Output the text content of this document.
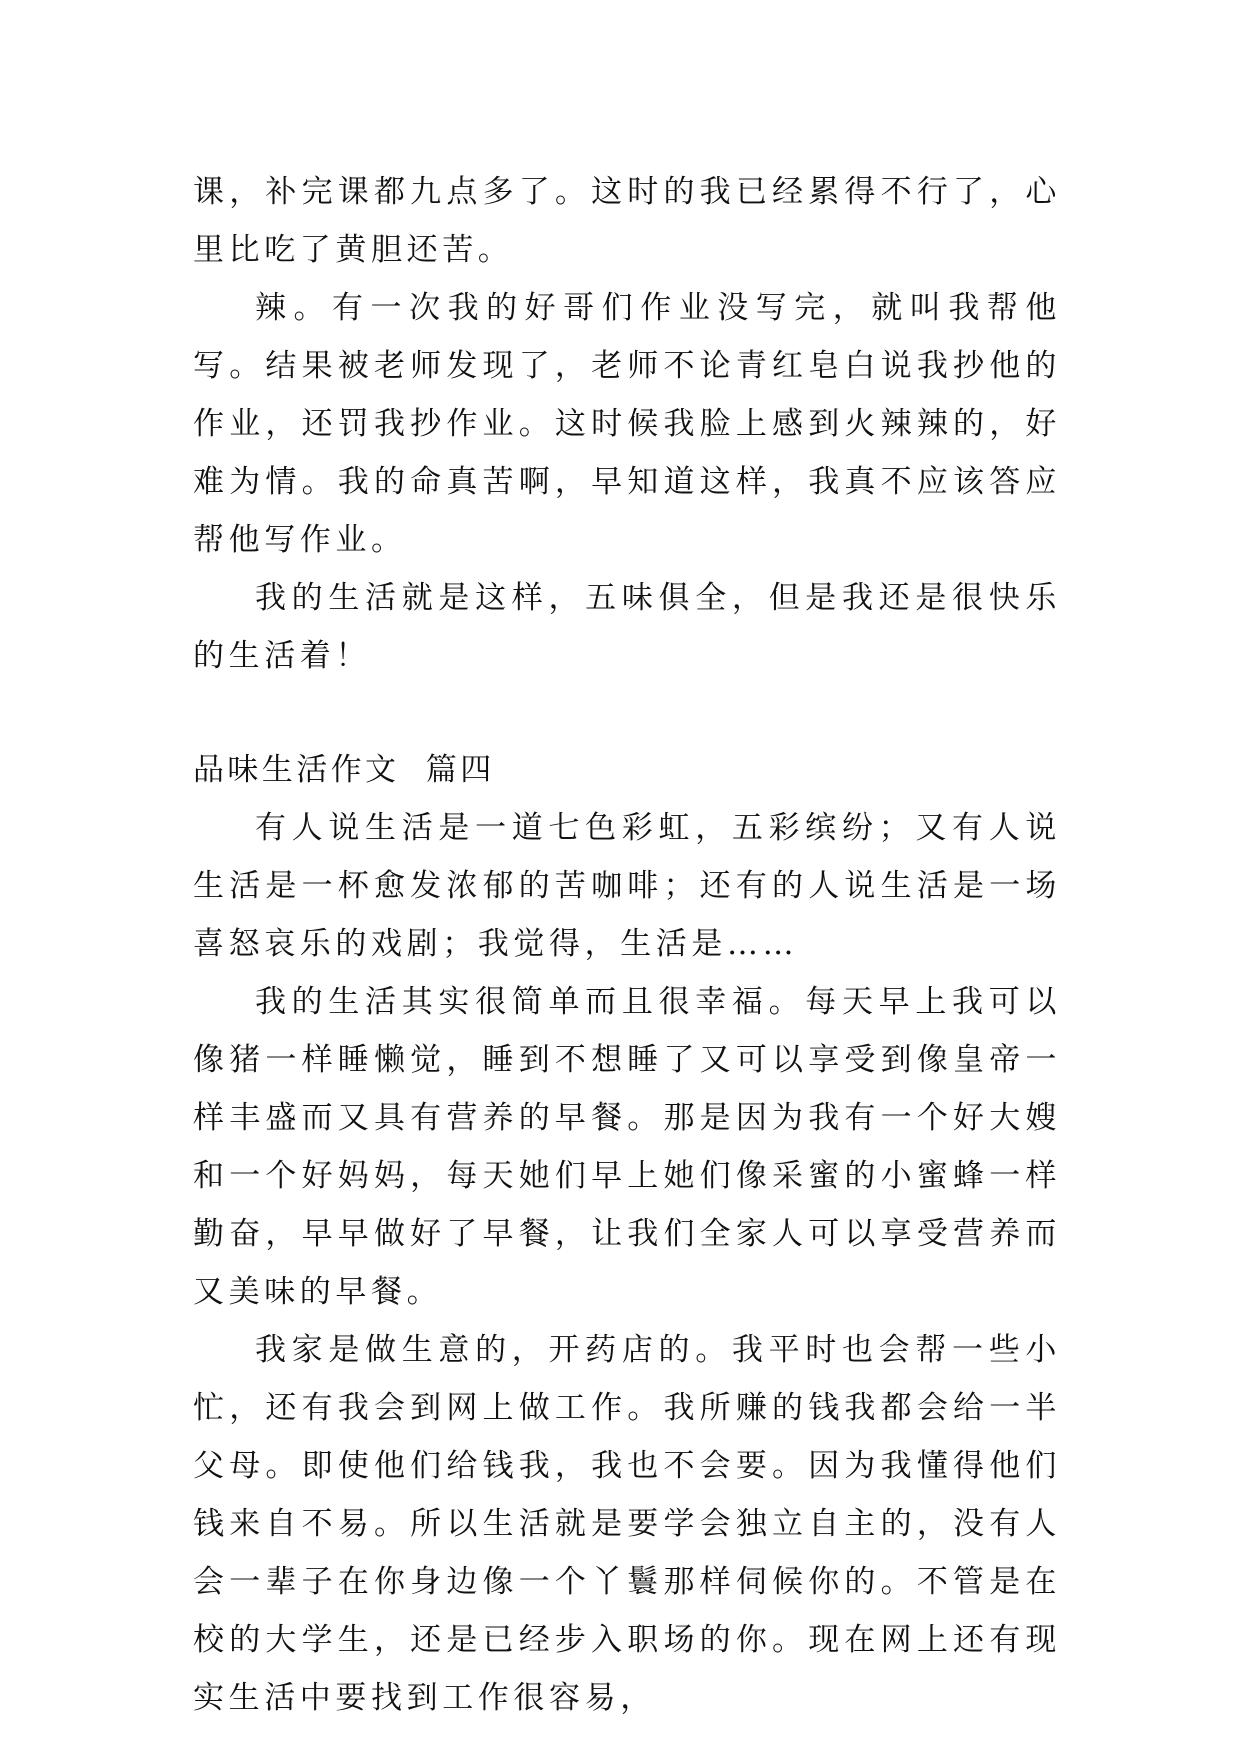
课，补完课都九点多了。这时的我已经累得不行了，心里比吃了黄胆还苦。

辣。有一次我的好哥们作业没写完，就叫我帮他写。结果被老师发现了，老师不论青红皂白说我抄他的作业，还罚我抄作业。这时候我脸上感到火辣辣的，好难为情。我的命真苦啊，早知道这样，我真不应该答应帮他写作业。

我的生活就是这样，五味俱全，但是我还是很快乐的生活着！

品味生活作文  篇四

有人说生活是一道七色彩虹，五彩缤纷；又有人说生活是一杯愈发浓郁的苦咖啡；还有的人说生活是一场喜怒哀乐的戏剧；我觉得，生活是……

我的生活其实很简单而且很幸福。每天早上我可以像猪一样睡懒觉，睡到不想睡了又可以享受到像皇帝一样丰盛而又具有营养的早餐。那是因为我有一个好大嫂和一个好妈妈，每天她们早上她们像采蜜的小蜜蜂一样勤奋，早早做好了早餐，让我们全家人可以享受营养而又美味的早餐。

我家是做生意的，开药店的。我平时也会帮一些小忙，还有我会到网上做工作。我所赚的钱我都会给一半父母。即使他们给钱我，我也不会要。因为我懂得他们钱来自不易。所以生活就是要学会独立自主的，没有人会一辈子在你身边像一个丫鬟那样伺候你的。不管是在校的大学生，还是已经步入职场的你。现在网上还有现实生活中要找到工作很容易，
